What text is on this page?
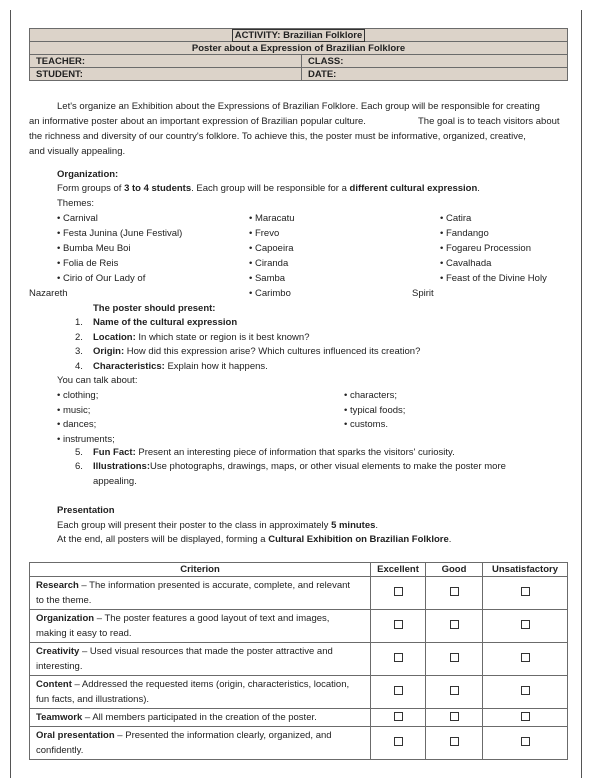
ACTIVITY: Brazilian Folklore	
Poster about a Expression of Brazilian Folklore	
TEACHER:	CLASS:
STUDENT:	DATE:
Let's organize an Exhibition about the Expressions of Brazilian Folklore. Each group will be responsible for creating
an informative poster about an important expression of Brazilian popular culture.	The goal is to teach visitors about
the richness and diversity of our country's folklore. To achieve this, the poster must be informative, organized, creative,
and visually appealing.
Organization:
Form groups of 3 to 4 students. Each group will be responsible for a different cultural expression.
Themes:
• Carnival
• Festa Junina (June Festival)
• Bumba Meu Boi
• Folia de Reis
• Cirio of Our Lady of
Nazareth
• Maracatu
• Frevo
• Capoeira
• Ciranda
• Samba
• Carimbo
• Catira
• Fandango
• Fogareu Procession
• Cavalhada
• Feast of the Divine Holy
Spirit
The poster should present:
1. Name of the cultural expression
2. Location: In which state or region is it best known?
3. Origin: How did this expression arise? Which cultures influenced its creation?
4. Characteristics: Explain how it happens.
You can talk about:
• clothing;
• music;
• dances;
• instruments;
• characters;
• typical foods;
• customs.
5. Fun Fact: Present an interesting piece of information that sparks the visitors' curiosity.
6. Illustrations:Use photographs, drawings, maps, or other visual elements to make the poster more
appealing.
Presentation
Each group will present their poster to the class in approximately 5 minutes.
At the end, all posters will be displayed, forming a Cultural Exhibition on Brazilian Folklore.
Criterion	Excellent	Good	Unsatisfactory
Research – The information presented is accurate, complete, and relevant
to the theme.			
Organization – The poster features a good layout of text and images,
making it easy to read.			
Creativity – Used visual resources that made the poster attractive and
interesting.			
Content – Addressed the requested items (origin, characteristics, location,
fun facts, and illustrations).			
Teamwork – All members participated in the creation of the poster.			
Oral presentation – Presented the information clearly, organized, and
confidently.			
